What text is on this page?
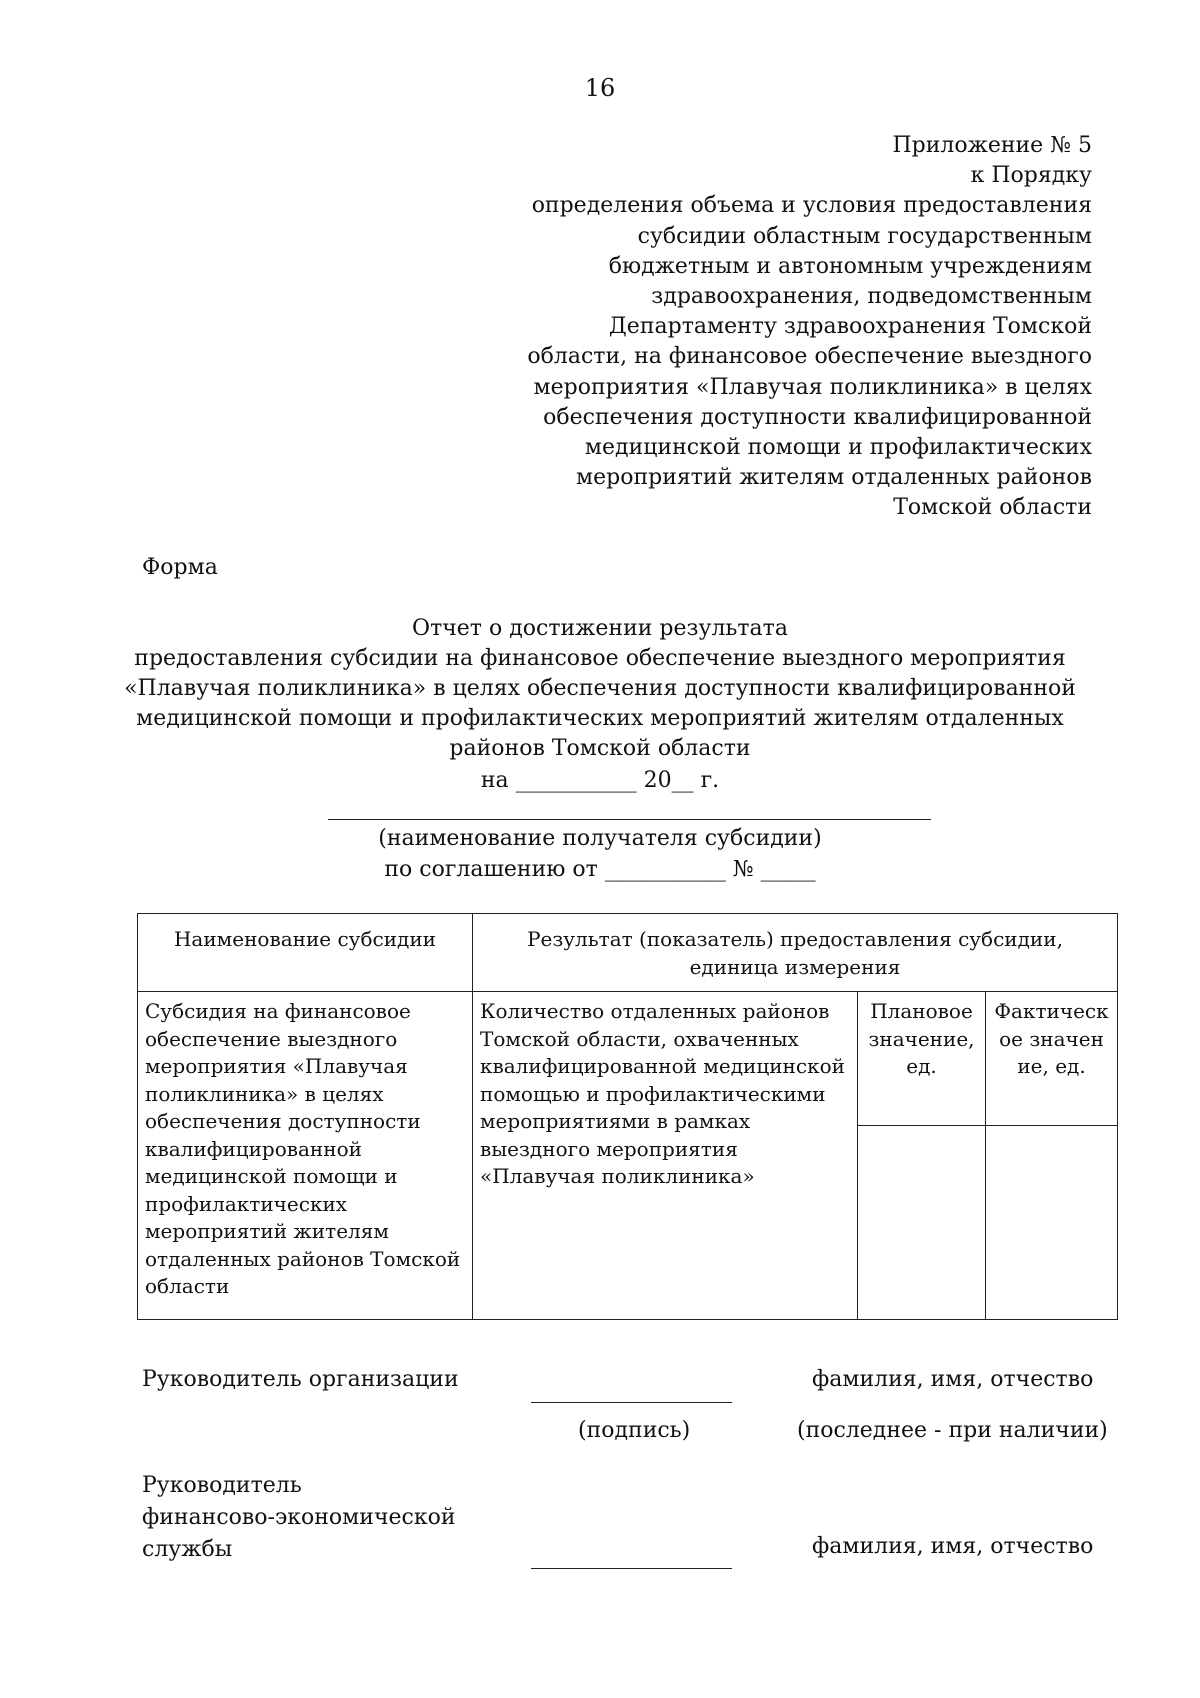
16
Приложение № 5
к Порядку
определения объема и условия предоставления
субсидии областным государственным
бюджетным и автономным учреждениям
здравоохранения, подведомственным
Департаменту здравоохранения Томской
области, на финансовое обеспечение выездного
мероприятия «Плавучая поликлиника» в целях
обеспечения доступности квалифицированной
медицинской помощи и профилактических
мероприятий жителям отдаленных районов
Томской области
Форма
Отчет о достижении результата
предоставления субсидии на финансовое обеспечение выездного мероприятия
«Плавучая поликлиника» в целях обеспечения доступности квалифицированной
медицинской помощи и профилактических мероприятий жителям отдаленных
районов Томской области
на ___________ 20__ г.
(наименование получателя субсидии)
по соглашению от ___________ № _____
Наименование субсидии	Результат (показатель) предоставления субсидии, единица измерения		
Субсидия на финансовое обеспечение выездного мероприятия «Плавучая поликлиника» в целях обеспечения доступности квалифицированной медицинской помощи и профилактических мероприятий жителям отдаленных районов Томской области	Количество отдаленных районов Томской области, охваченных квалифицированной медицинской помощью и профилактическими мероприятиями в рамках выездного мероприятия «Плавучая поликлиника»	Плановое значение, ед.	Фактическое значение, ед.

Руководитель организации	фамилия, имя, отчество
(подпись)	(последнее - при наличии)
Руководитель
финансово-экономической
службы	фамилия, имя, отчество
